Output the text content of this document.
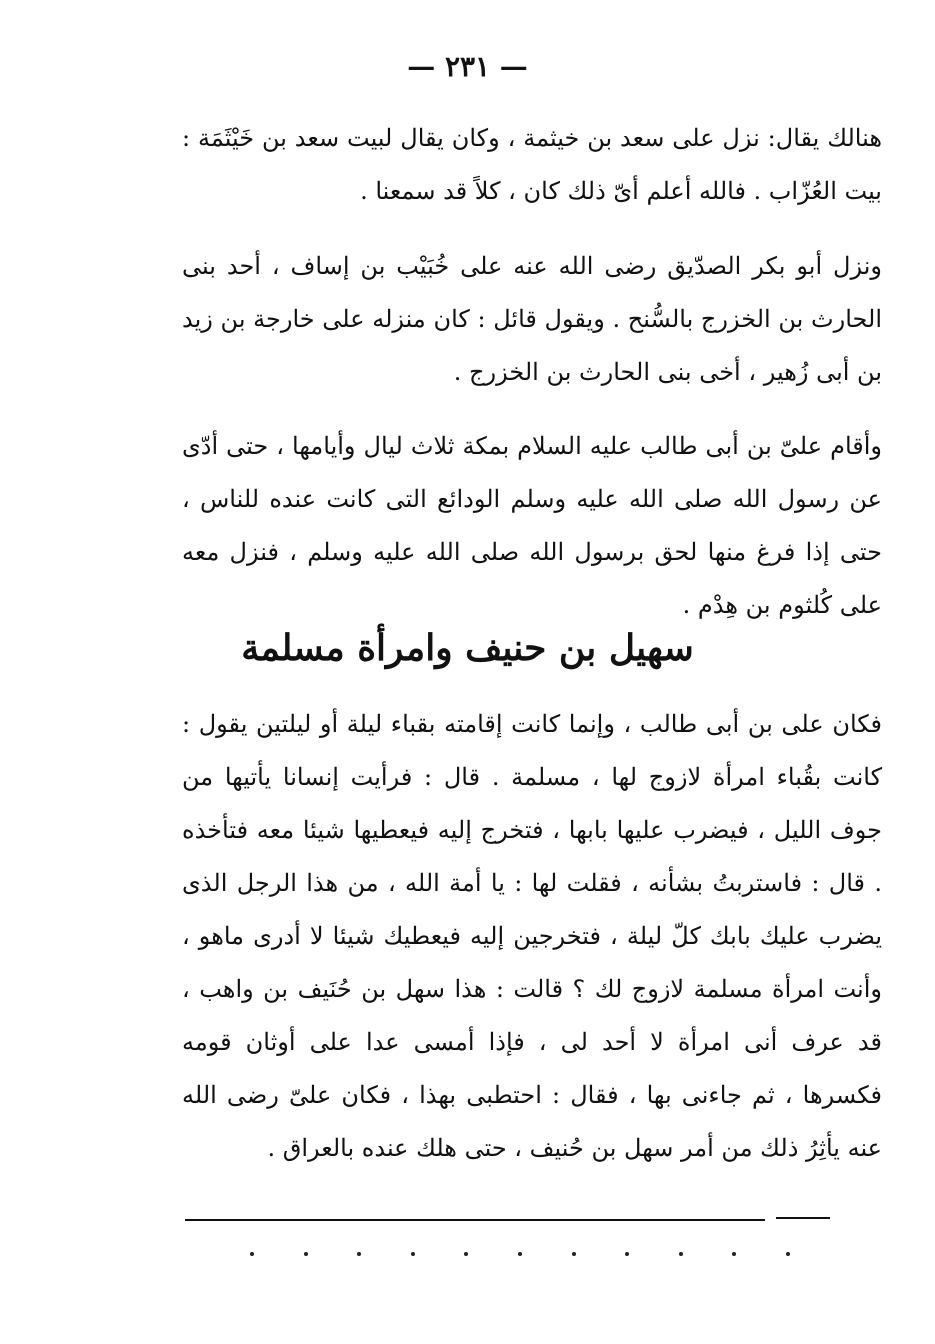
— ٢٣١ —
هنالك يقال: نزل على سعد بن خيثمة ، وكان يقال لبيت سعد بن خَيْثَمَة : بيت العُزّاب . فالله أعلم أىّ ذلك كان ، كلاً قد سمعنا .
ونزل أبو بكر الصدّيق رضى الله عنه على خُبَيْب بن إساف ، أحد بنى الحارث بن الخزرج بالسُّنح . ويقول قائل : كان منزله على خارجة بن زيد بن أبى زُهير ، أخى بنى الحارث بن الخزرج .
وأقام علىّ بن أبى طالب عليه السلام بمكة ثلاث ليال وأيامها ، حتى أدّى عن رسول الله صلى الله عليه وسلم الودائع التى كانت عنده للناس ، حتى إذا فرغ منها لحق برسول الله صلى الله عليه وسلم ، فنزل معه على كُلثوم بن هِدْم .
سهيل بن حنيف وامرأة مسلمة
فكان على بن أبى طالب ، وإنما كانت إقامته بقباء ليلة أو ليلتين يقول : كانت بقُباء امرأة لازوج لها ، مسلمة . قال : فرأيت إنسانا يأتيها من جوف الليل ، فيضرب عليها بابها ، فتخرج إليه فيعطيها شيئا معه فتأخذه . قال : فاستربتُ بشأنه ، فقلت لها : يا أمة الله ، من هذا الرجل الذى يضرب عليك بابك كلّ ليلة ، فتخرجين إليه فيعطيك شيئا لا أدرى ماهو ، وأنت امرأة مسلمة لازوج لك ؟ قالت : هذا سهل بن حُنَيف بن واهب ، قد عرف أنى امرأة لا أحد لى ، فإذا أمسى عدا على أوثان قومه فكسرها ، ثم جاءنى بها ، فقال : احتطبى بهذا ، فكان علىّ رضى الله عنه يأثِرُ ذلك من أمر سهل بن حُنيف ، حتى هلك عنده بالعراق .
